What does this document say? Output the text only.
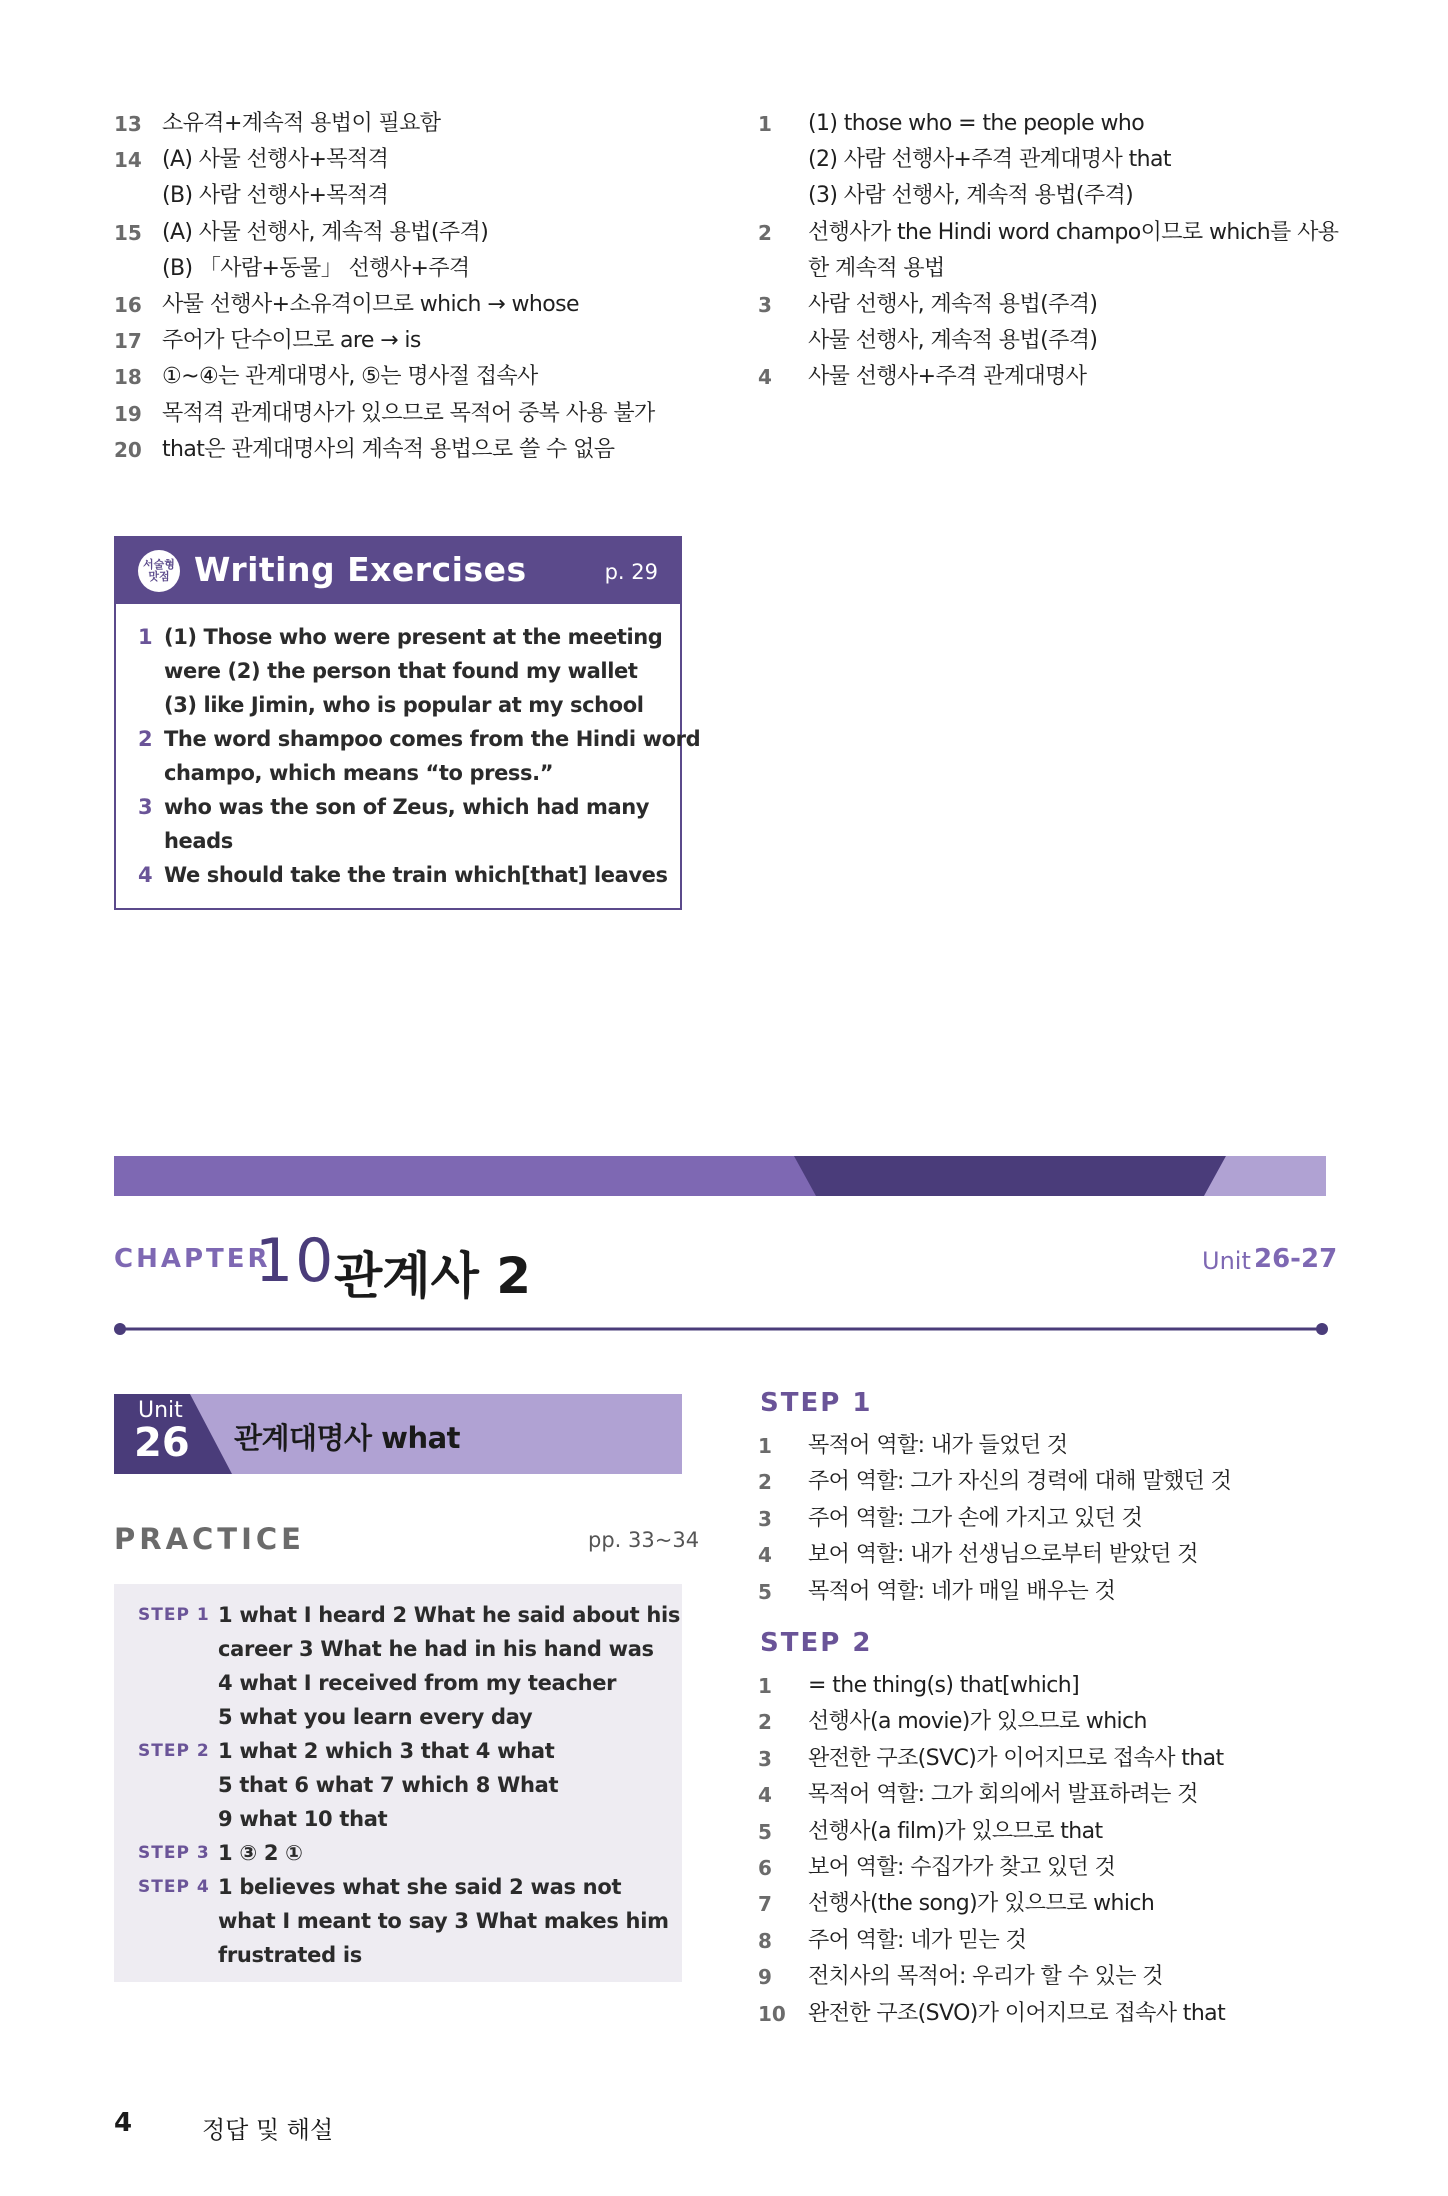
13 소유격+계속적 용법이 필요함
14 (A) 사물 선행사+목적격
(B) 사람 선행사+목적격
15 (A) 사물 선행사, 계속적 용법(주격)
(B) 「사람+동물」 선행사+주격
16 사물 선행사+소유격이므로 which → whose
17 주어가 단수이므로 are → is
18 ①~④는 관계대명사, ⑤는 명사절 접속사
19 목적격 관계대명사가 있으므로 목적어 중복 사용 불가
20 that은 관계대명사의 계속적 용법으로 쓸 수 없음
1 (1) those who = the people who
(2) 사람 선행사+주격 관계대명사 that
(3) 사람 선행사, 계속적 용법(주격)
2 선행사가 the Hindi word champo이므로 which를 사용
한 계속적 용법
3 사람 선행사, 계속적 용법(주격)
사물 선행사, 계속적 용법(주격)
4 사물 선행사+주격 관계대명사
서술형 맛점 Writing Exercises	p. 29
1 (1) Those who were present at the meeting
were (2) the person that found my wallet
(3) like Jimin, who is popular at my school
2 The word shampoo comes from the Hindi word
champo, which means “to press.”
3 who was the son of Zeus, which had many
heads
4 We should take the train which[that] leaves
CHAPTER
10
관계사 2	Unit 26-27
Unit
26 관계대명사 what
PRACTICE	pp. 33~34
STEP 1 1 what I heard 2 What he said about his
career 3 What he had in his hand was
4 what I received from my teacher
5 what you learn every day
STEP 2 1 what 2 which 3 that 4 what
5 that 6 what 7 which 8 What
9 what 10 that
STEP 3 1 ③ 2 ①
STEP 4 1 believes what she said 2 was not
what I meant to say 3 What makes him
frustrated is
STEP 1
1 목적어 역할: 내가 들었던 것
2 주어 역할: 그가 자신의 경력에 대해 말했던 것
3 주어 역할: 그가 손에 가지고 있던 것
4 보어 역할: 내가 선생님으로부터 받았던 것
5 목적어 역할: 네가 매일 배우는 것
STEP 2
1 = the thing(s) that[which]
2 선행사(a movie)가 있으므로 which
3 완전한 구조(SVC)가 이어지므로 접속사 that
4 목적어 역할: 그가 회의에서 발표하려는 것
5 선행사(a film)가 있으므로 that
6 보어 역할: 수집가가 찾고 있던 것
7 선행사(the song)가 있으므로 which
8 주어 역할: 네가 믿는 것
9 전치사의 목적어: 우리가 할 수 있는 것
10 완전한 구조(SVO)가 이어지므로 접속사 that
4	정답 및 해설
